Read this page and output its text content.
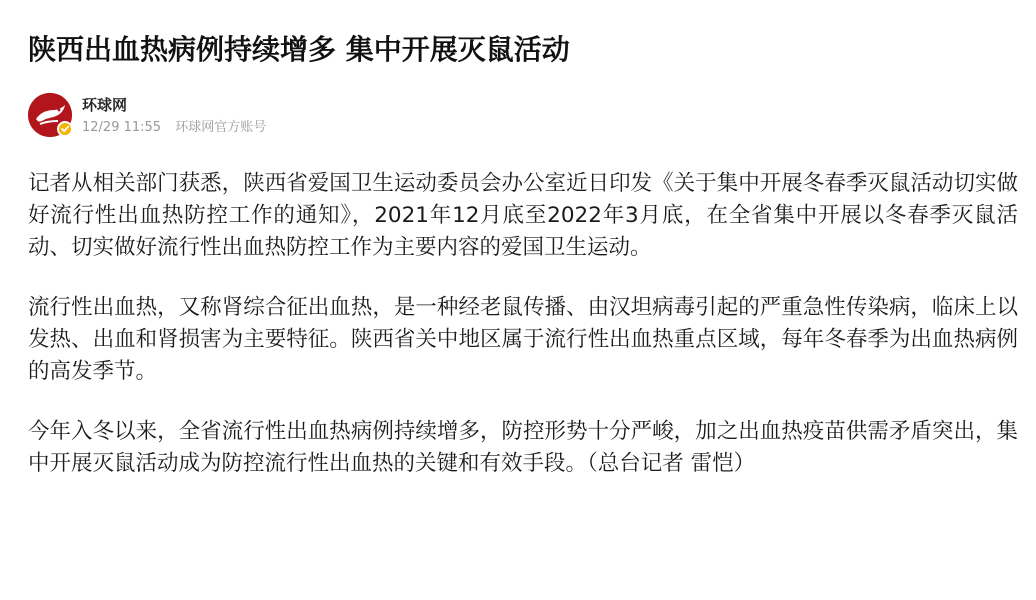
陕西出血热病例持续增多 集中开展灭鼠活动
环球网
12/29 11:55 环球网官方账号

记者从相关部门获悉，陕西省爱国卫生运动委员会办公室近日印发《关于集中开展冬春季灭鼠活动切实做好流行性出血热防控工作的通知》，2021年12月底至2022年3月底，在全省集中开展以冬春季灭鼠活动、切实做好流行性出血热防控工作为主要内容的爱国卫生运动。

流行性出血热，又称肾综合征出血热，是一种经老鼠传播、由汉坦病毒引起的严重急性传染病，临床上以发热、出血和肾损害为主要特征。陕西省关中地区属于流行性出血热重点区域，每年冬春季为出血热病例的高发季节。

今年入冬以来，全省流行性出血热病例持续增多，防控形势十分严峻，加之出血热疫苗供需矛盾突出，集中开展灭鼠活动成为防控流行性出血热的关键和有效手段。（总台记者 雷恺）
